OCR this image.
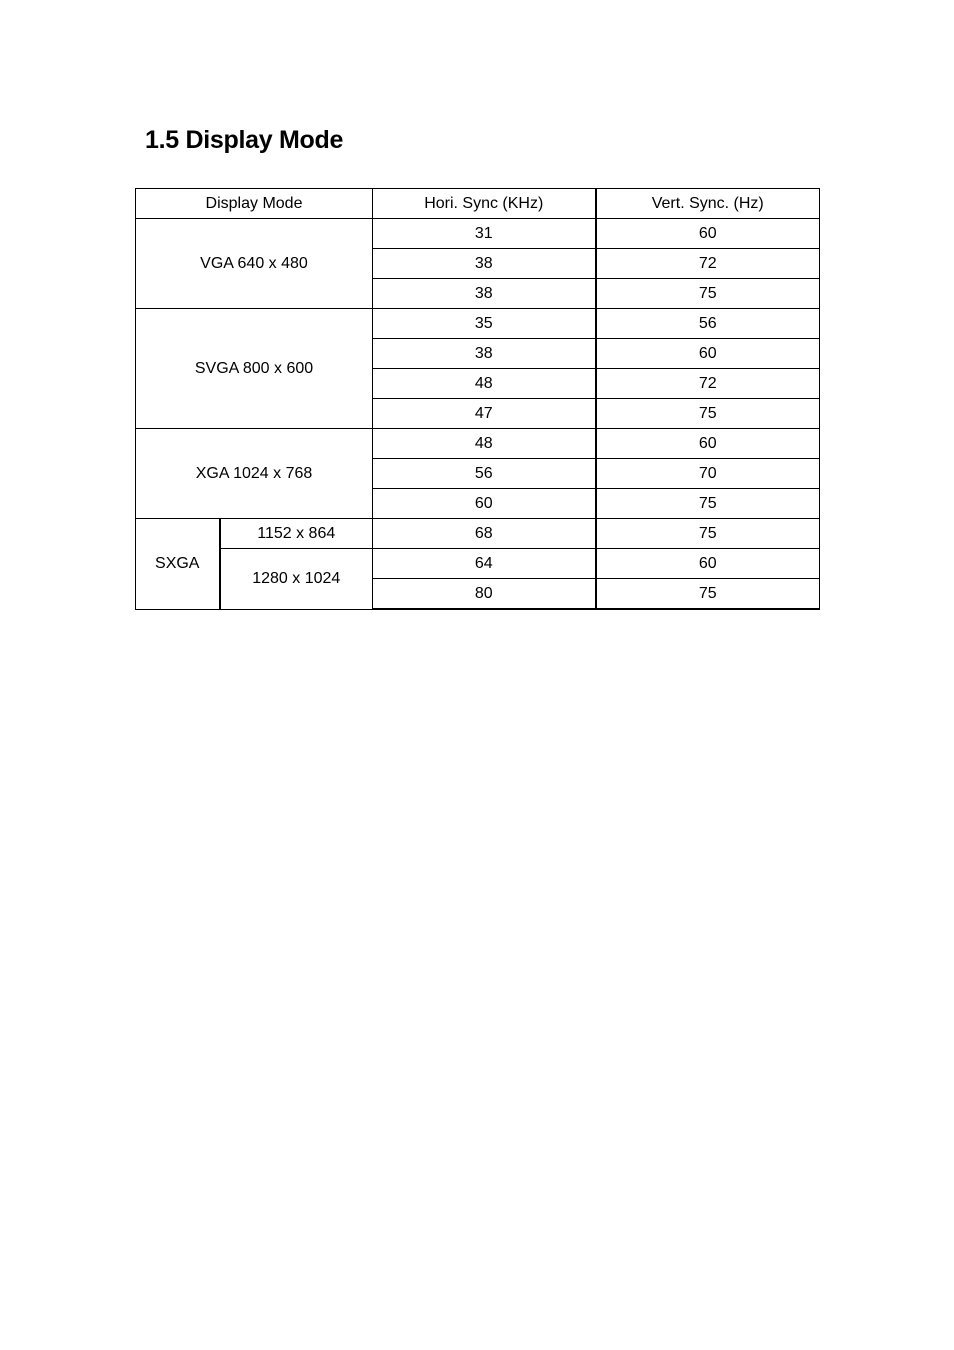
1.5 Display Mode
Display Mode		Hori. Sync (KHz)	Vert. Sync. (Hz)
VGA 640 x 480		31	60
		38	72
		38	75
SVGA 800 x 600		35	56
		38	60
		48	72
		47	75
XGA 1024 x 768		48	60
		56	70
		60	75
SXGA	1152 x 864	68	75
	1280 x 1024	64	60
		80	75
